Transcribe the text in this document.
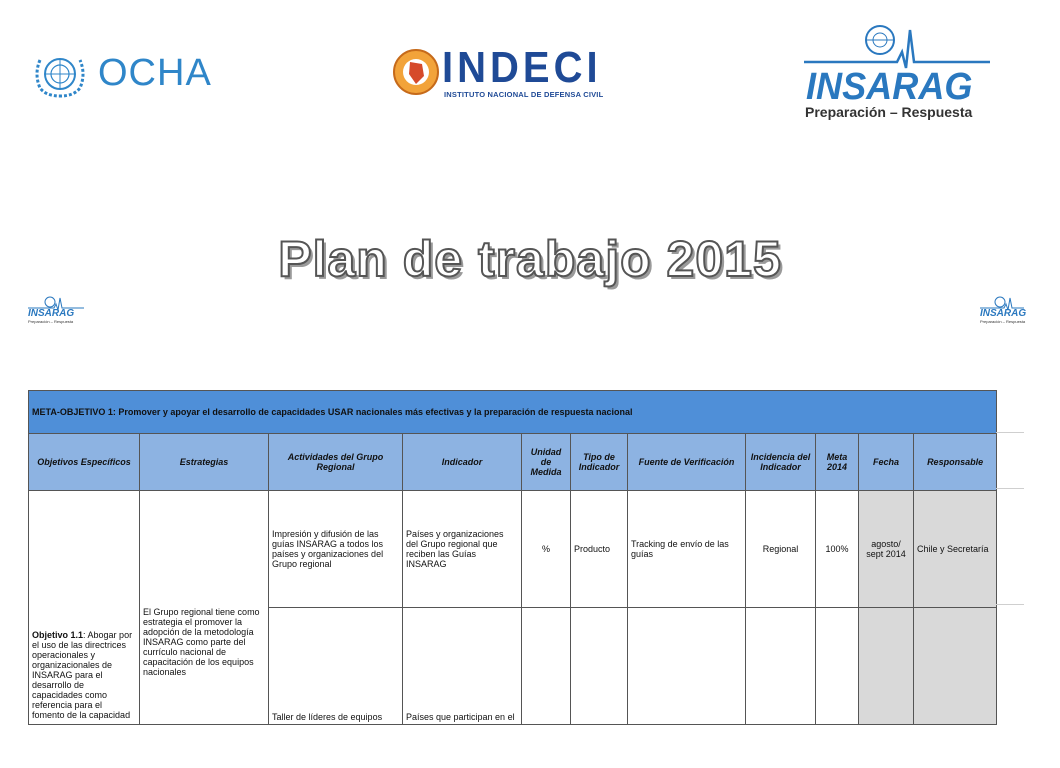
OCHA	INDECI
INSTITUTO NACIONAL DE DEFENSA CIVIL	INSARAG
Preparación – Respuesta
INSARAG
Preparación – Respuesta
INSARAG
Preparación – Respuesta
Plan de trabajo 2015
META-OBJETIVO 1: Promover y apoyar el desarrollo de capacidades USAR nacionales más efectivas y la preparación de respuesta nacional										
Objetivos Específicos	Estrategias	Actividades del Grupo Regional	Indicador	Unidad de Medida	Tipo de Indicador	Fuente de Verificación	Incidencia del Indicador	Meta 2014	Fecha	Responsable
Objetivo 1.1: Abogar por el uso de las directrices operacionales y organizacionales de INSARAG para el desarrollo de capacidades como referencia para el fomento de la capacidad	El Grupo regional tiene como estrategia el promover la adopción de la metodología INSARAG como parte del currículo nacional de capacitación de los equipos nacionales	Impresión y difusión de las guías INSARAG a todos los países y organizaciones del Grupo regional	Países y organizaciones del Grupo regional que reciben las Guías INSARAG	%	Producto	Tracking de envío de las guías	Regional	100%	agosto/ sept 2014	Chile y Secretaría
		Taller de líderes de equipos	Países que participan en el							
